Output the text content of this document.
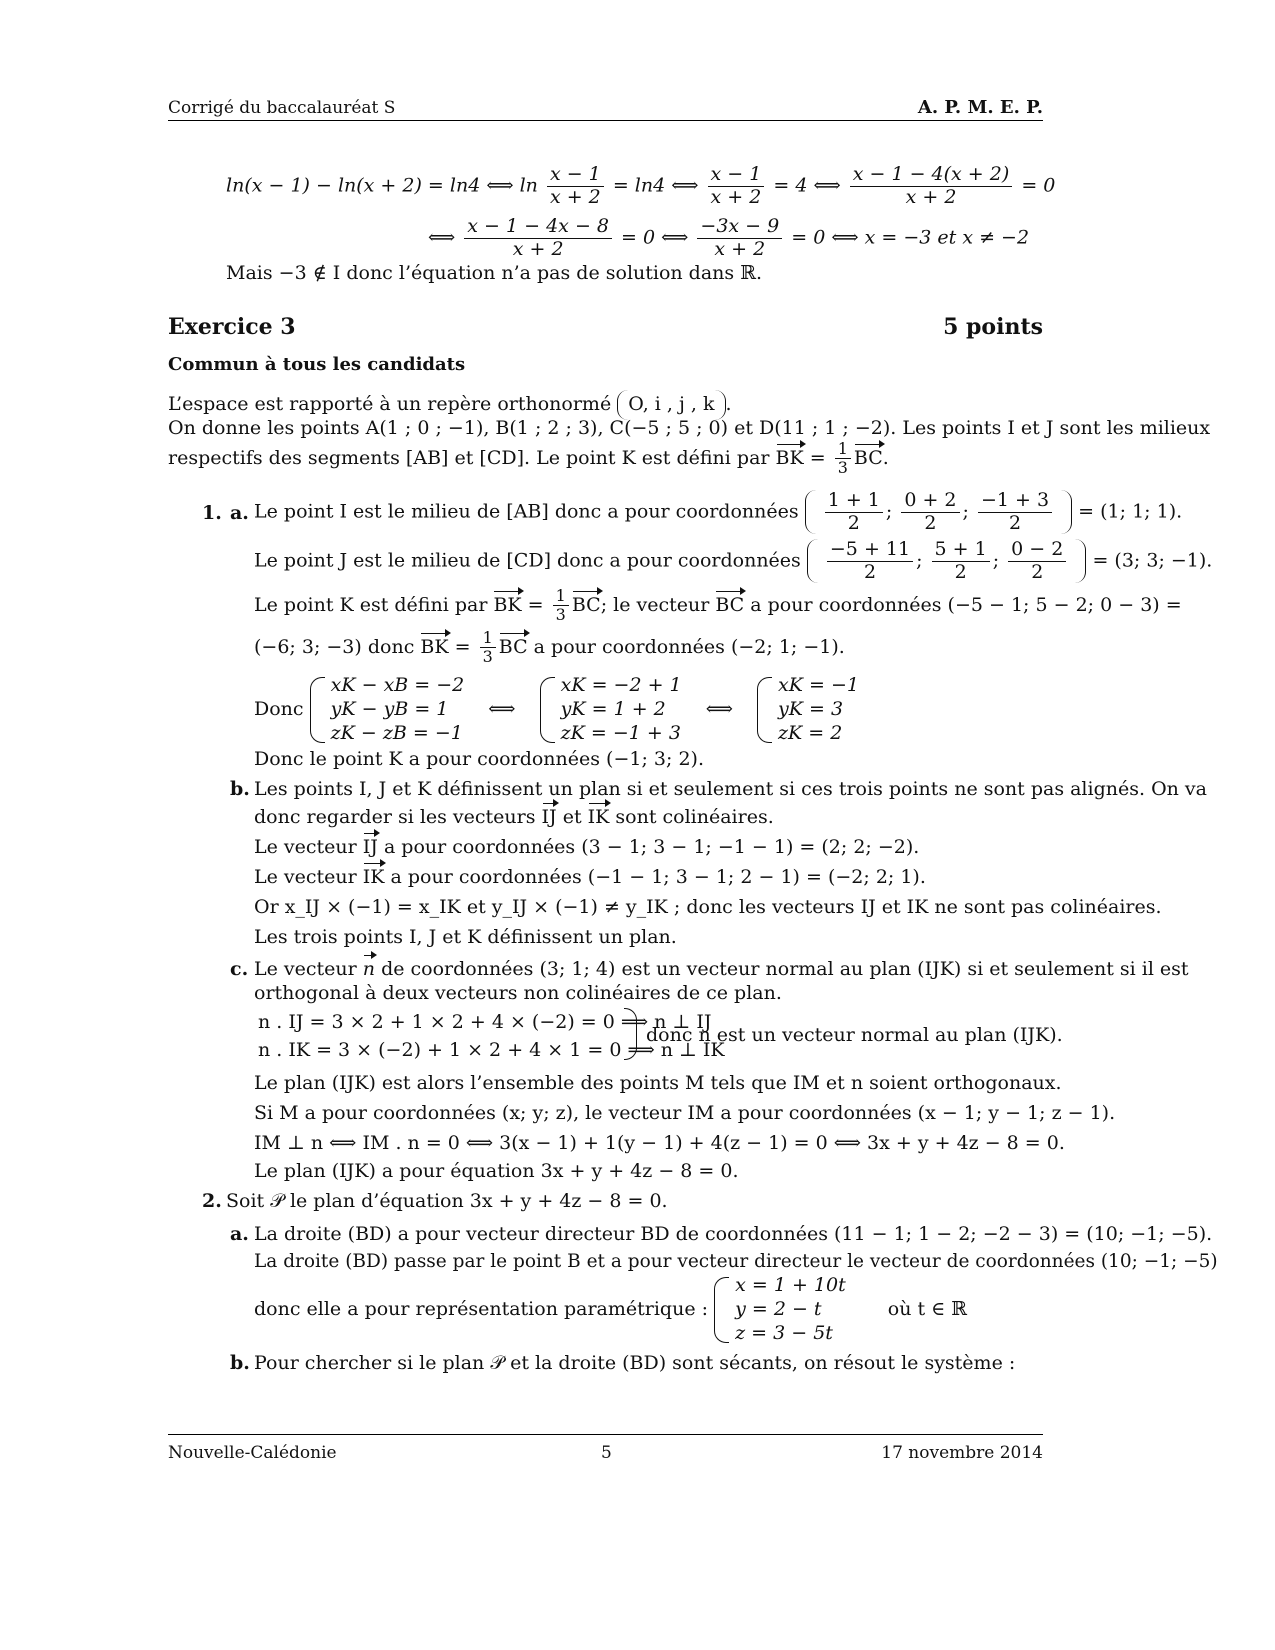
Corrigé du baccalauréat S	A. P. M. E. P.
ln(x − 1) − ln(x + 2) = ln4 ⟺ $\ln \frac{x - 1}{x + 2} = \ln 4$ ⟺ $\frac{x - 1}{x + 2} = 4$ ⟺ $\frac{x - 1 - 4(x + 2)}{x + 2} = 0$
⟺ $\frac{x - 1 - 4x - 8}{x + 2} = 0$ ⟺ $\frac{-3x - 9}{x + 2} = 0$ ⟺ x = −3 et x ≠ −2
Mais −3 ∉ I donc l’équation n’a pas de solution dans ℝ.
Exercice 3	5 points
Commun à tous les candidats
L’espace est rapporté à un repère orthonormé O, i , j , k .
On donne les points A(1 ; 0 ; −1), B(1 ; 2 ; 3), C(−5 ; 5 ; 0) et D(11 ; 1 ; −2). Les points I et J sont les milieux
respectifs des segments [AB] et [CD]. Le point K est défini par BK = $\frac{1}{3}$ BC.
1. a. Le point I est le milieu de [AB] donc a pour coordonnées $\frac{1 + 1}{2}$ ; $\frac{0 + 2}{2}$ ; $\frac{-1 + 3}{2} = (1$; 1; 1).
Le point J est le milieu de [CD] donc a pour coordonnées $\frac{-5 + 11}{2}$ ; $\frac{5 + 1}{2}$ ; $\frac{0 - 2}{2} = (3$; 3; −1).
Le point K est défini par BK = $\frac{1}{3}$ BC; le vecteur BC a pour coordonnées (−5 − 1; 5 − 2; 0 − 3) =
(−6; 3; −3) donc BK = $\frac{1}{3}$ BC a pour coordonnées (−2; 1; −1).
Donc
xK − xB = −2
yK − yB = 1
zK − zB = −1
⟺
xK = −2 + 1
yK = 1 + 2
zK = −1 + 3
⟺
xK = −1
yK = 3
zK = 2
Donc le point K a pour coordonnées (−1; 3; 2).
b. Les points I, J et K définissent un plan si et seulement si ces trois points ne sont pas alignés. On va
donc regarder si les vecteurs IJ et IK sont colinéaires.
Le vecteur IJ a pour coordonnées (3 − 1; 3 − 1; −1 − 1) = (2; 2; −2).
Le vecteur IK a pour coordonnées (−1 − 1; 3 − 1; 2 − 1) = (−2; 2; 1).
Or x_IJ × (−1) = x_IK et y_IJ × (−1) ≠ y_IK ; donc les vecteurs IJ et IK ne sont pas colinéaires.
Les trois points I, J et K définissent un plan.
c. Le vecteur n de coordonnées (3; 1; 4) est un vecteur normal au plan (IJK) si et seulement si il est
orthogonal à deux vecteurs non colinéaires de ce plan.
n . IJ = 3 × 2 + 1 × 2 + 4 × (−2) = 0 ⟹ n ⊥ IJ
n . IK = 3 × (−2) + 1 × 2 + 4 × 1 = 0 ⟹ n ⊥ IK
donc n est un vecteur normal au plan (IJK).
Le plan (IJK) est alors l’ensemble des points M tels que IM et n soient orthogonaux.
Si M a pour coordonnées (x; y; z), le vecteur IM a pour coordonnées (x − 1; y − 1; z − 1).
IM ⊥ n ⟺ IM . n = 0 ⟺ 3(x − 1) + 1(y − 1) + 4(z − 1) = 0 ⟺ 3x + y + 4z − 8 = 0.
Le plan (IJK) a pour équation 3x + y + 4z − 8 = 0.
2. Soit 𝒫 le plan d’équation 3x + y + 4z − 8 = 0.
a. La droite (BD) a pour vecteur directeur BD de coordonnées (11 − 1; 1 − 2; −2 − 3) = (10; −1; −5).
La droite (BD) passe par le point B et a pour vecteur directeur le vecteur de coordonnées (10; −1; −5)
donc elle a pour représentation paramétrique :
x = 1 + 10t
y = 2 − t
z = 3 − 5t
où t ∈ ℝ
b. Pour chercher si le plan 𝒫 et la droite (BD) sont sécants, on résout le système :
Nouvelle-Calédonie	5	17 novembre 2014
